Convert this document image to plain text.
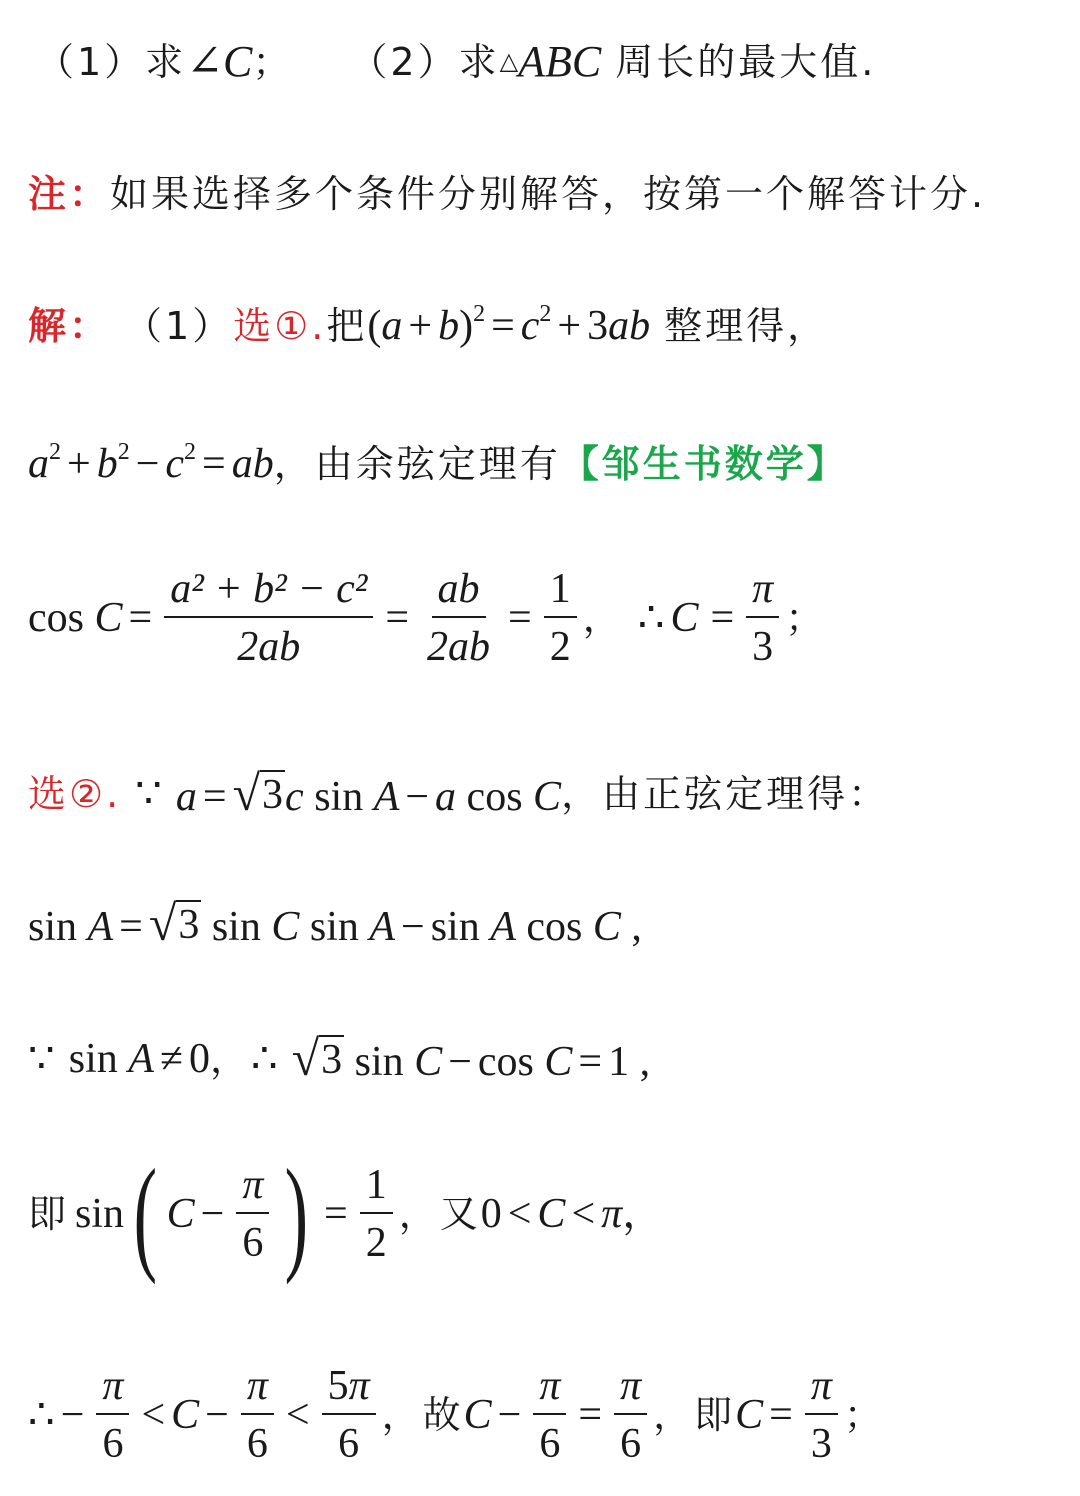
（1）求 ∠C ； （2）求 △ ABC 周长的最大值.
注： 如果选择多个条件分别解答，按第一个解答计分.
解： （1） 选①. 把 $(a + b)^2 = c^2 + 3ab$ 整理得，
$a^2 + b^2 - c^2$ = ab ，由余弦定理有 【邹生书数学】
$\cos C = \frac{\text{a² + b² − c²}}{2ab} = \frac{ab}{2ab} = \frac{1}{2}$ ， ∴ $C = \frac{\pi}{3}$ ；
选②. ∵ a = √ 3 c sin A − a cos C ，由正弦定理得：
sin A = √ 3 sin C sin A − sin A cos C ,
∵ sin A ≠ 0 ， ∴ √ 3 sin C − cos C = 1 ,
即 sin ( $C - \frac{\pi}{6}$ ) = $\frac{1}{2}$ ，又 0 < C < π ，
∴ − $\frac{\pi}{6} < C - \frac{\pi}{6} < \frac{5\pi}{6}$ ，故 $C - \frac{\pi}{6} = \frac{\pi}{6}$ ，即 $C = \frac{\pi}{3}$ ；
